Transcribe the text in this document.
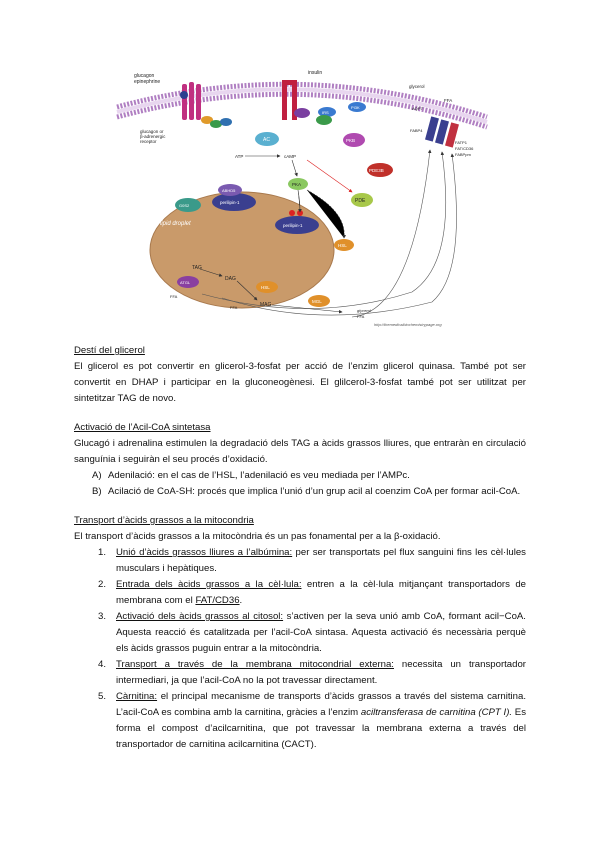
glucagon
epinephrine
glucagon or
β-adrenergic
receptor
insulin
IRS
PI3K
PKB
PDE3B
PDE
AC
ATP	cAMP
PKA
lipid droplet
perilipin-1
ABHD5
G0S2
perilipin-1
TAG
DAG
MAG
ATGL
HSL
HSL
MGL
glycerol
FFA
FATP1
FAT/CD36
FABPpm
FABP4
AQP7
FFA
FFA
glycerol
FFA
http://themedicalbiochemistrypage.org
Destí del glicerol

El glicerol es pot convertir en glicerol-3-fosfat per acció de l’enzim glicerol quinasa. També pot ser convertit en DHAP i participar en la gluconeogènesi. El glilcerol-3-fosfat també pot ser utilitzat per sintetitzar TAG de novo.

Activació de l’Acil-CoA sintetasa

Glucagó i adrenalina estimulen la degradació dels TAG a àcids grassos lliures, que entraràn en circulació sanguínia i seguiràn el seu procés d’oxidació.

A) Adenilació: en el cas de l’HSL, l’adenilació es veu mediada per l’AMPc.
B) Acilació de CoA-SH: procés que implica l’unió d’un grup acil al coenzim CoA per formar acil-CoA.
Transport d’àcids grassos a la mitocondria

El transport d’àcids grassos a la mitocòndria és un pas fonamental per a la β-oxidació.

1. Unió d’àcids grassos lliures a l’albúmina: per ser transportats pel flux sanguini fins les cèl·lules musculars i hepàtiques.
2. Entrada dels àcids grassos a la cèl·lula: entren a la cèl·lula mitjançant transportadors de membrana com el FAT/CD36.
3. Activació dels àcids grassos al citosol: s’activen per la seva unió amb CoA, formant acil−CoA. Aquesta reacció és catalitzada per l’acil-CoA sintasa. Aquesta activació és necessària perquè els àcids grassos puguin entrar a la mitocòndria.
4. Transport a través de la membrana mitocondrial externa: necessita un transportador intermediari, ja que l’acil-CoA no la pot travessar directament.
5. Càrnitina: el principal mecanisme de transports d’àcids grassos a través del sistema carnitina. L’acil-CoA es combina amb la carnitina, gràcies a l’enzim aciltransferasa de carnitina (CPT I). Es forma el compost d’acilcarnitina, que pot travessar la membrana externa a través del transportador de carnitina acilcarnitina (CACT).
